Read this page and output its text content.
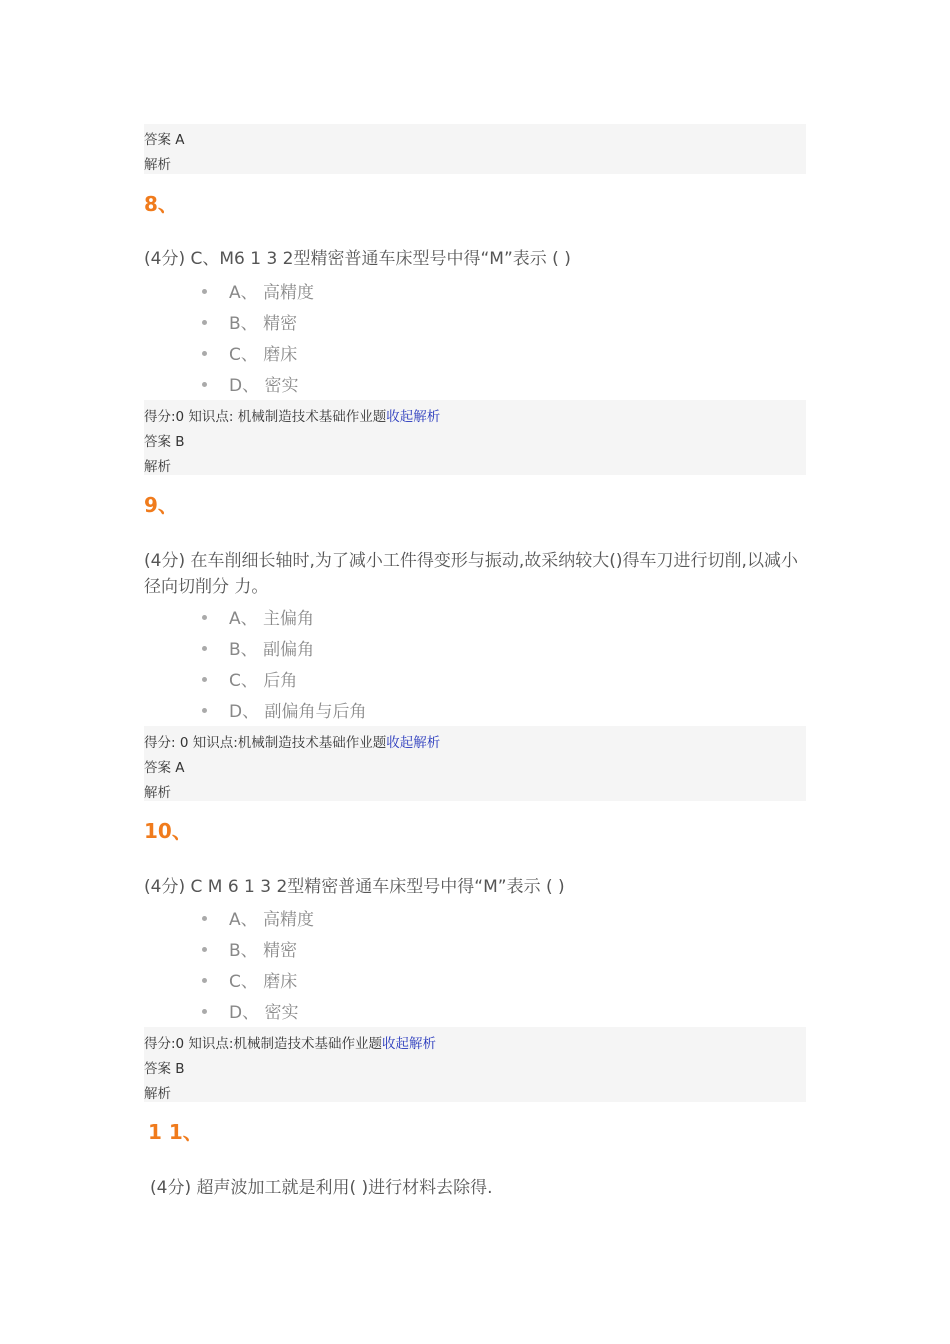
答案 A
解析
8、
(4分) C、M6 1 3 2型精密普通车床型号中得“M”表示 ( )
A、 高精度
B、 精密
C、 磨床
D、 密实
得分:0 知识点: 机械制造技术基础作业题收起解析
答案 B
解析
9、
(4分) 在车削细长轴时,为了减小工件得变形与振动,故采纳较大()得车刀进行切削,以减小径向切削分 力。
A、 主偏角
B、 副偏角
C、 后角
D、 副偏角与后角
得分: 0 知识点:机械制造技术基础作业题收起解析
答案 A
解析
10、
(4分) C M 6 1 3 2型精密普通车床型号中得“M”表示 ( )
A、 高精度
B、 精密
C、 磨床
D、 密实
得分:0 知识点:机械制造技术基础作业题收起解析
答案 B
解析
1 1、
(4分) 超声波加工就是利用( )进行材料去除得.
